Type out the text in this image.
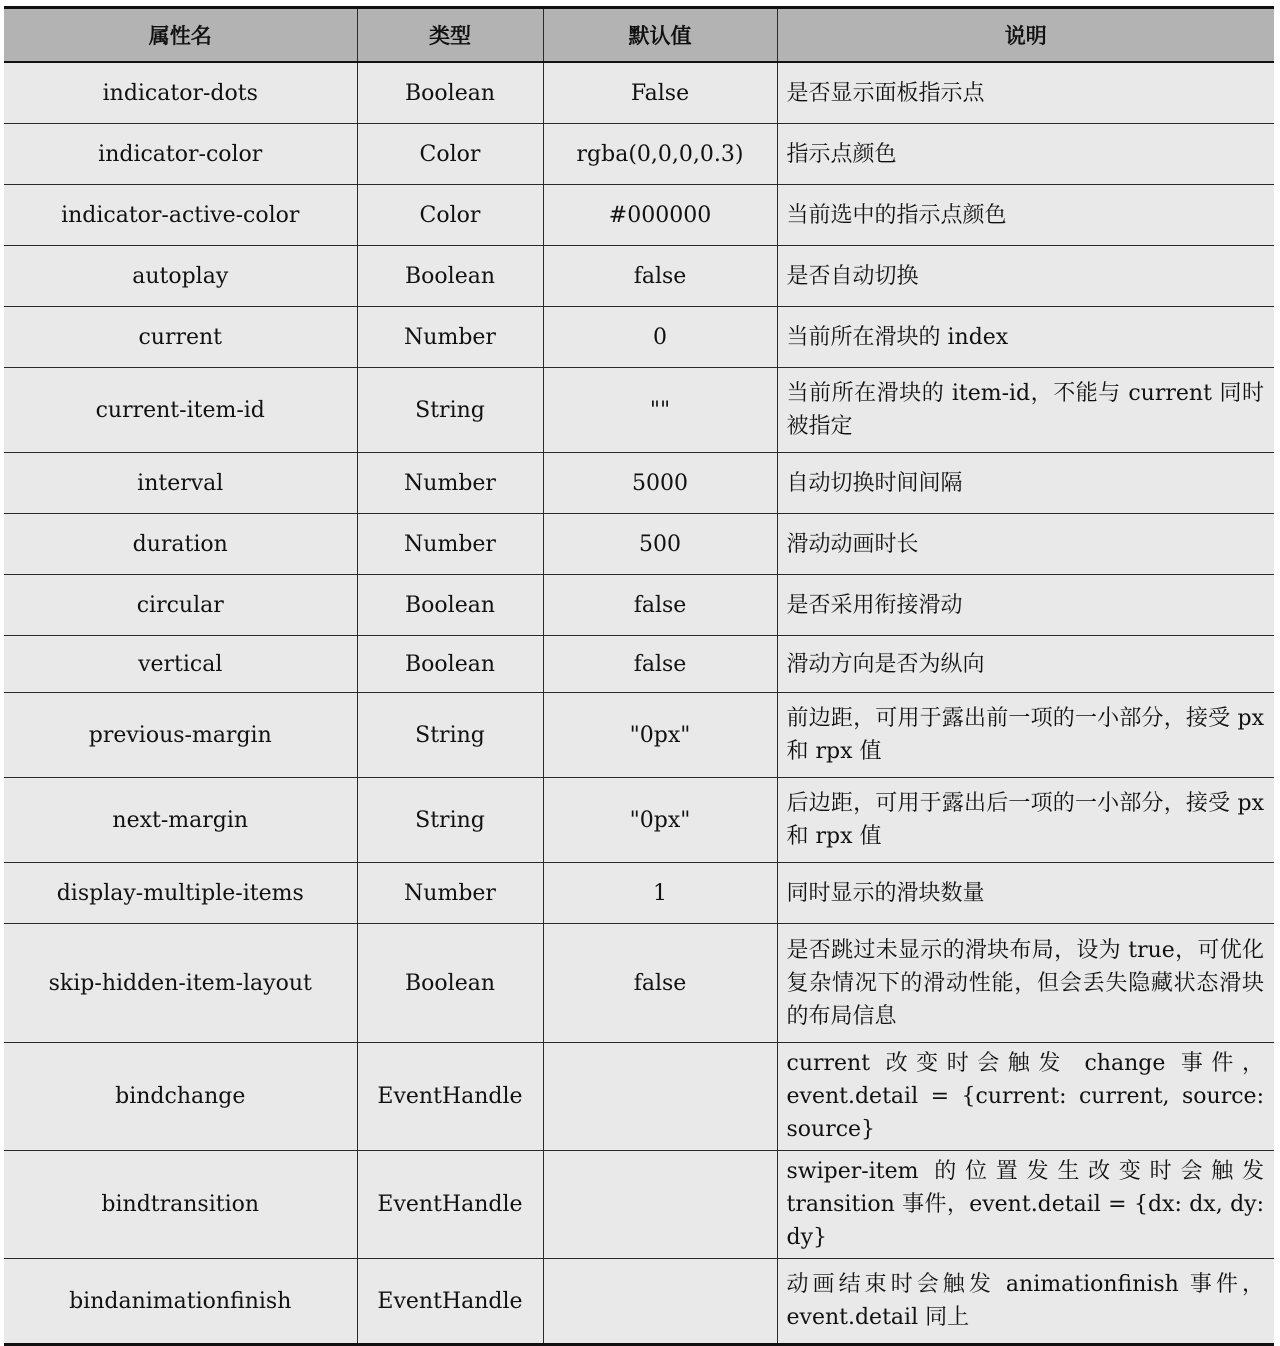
属性名	类型	默认值	说明
indicator-dots	Boolean	False	是否显示面板指示点
indicator-color	Color	rgba(0,0,0,0.3)	指示点颜色
indicator-active-color	Color	#000000	当前选中的指示点颜色
autoplay	Boolean	false	是否自动切换
current	Number	0	当前所在滑块的 index
current-item-id	String	""	当前所在滑块的 item-id，不能与 current 同时被指定
interval	Number	5000	自动切换时间间隔
duration	Number	500	滑动动画时长
circular	Boolean	false	是否采用衔接滑动
vertical	Boolean	false	滑动方向是否为纵向
previous-margin	String	"0px"	前边距，可用于露出前一项的一小部分，接受 px 和 rpx 值
next-margin	String	"0px"	后边距，可用于露出后一项的一小部分，接受 px 和 rpx 值
display-multiple-items	Number	1	同时显示的滑块数量
skip-hidden-item-layout	Boolean	false	是否跳过未显示的滑块布局，设为 true，可优化复杂情况下的滑动性能，但会丢失隐藏状态滑块的布局信息
bindchange	EventHandle		current 改变时会触发 change 事件，event.detail = {current: current, source: source}
bindtransition	EventHandle		swiper-item 的位置发生改变时会触发 transition 事件，event.detail = {dx: dx, dy: dy}
bindanimationfinish	EventHandle		动画结束时会触发 animationfinish 事件，event.detail 同上
